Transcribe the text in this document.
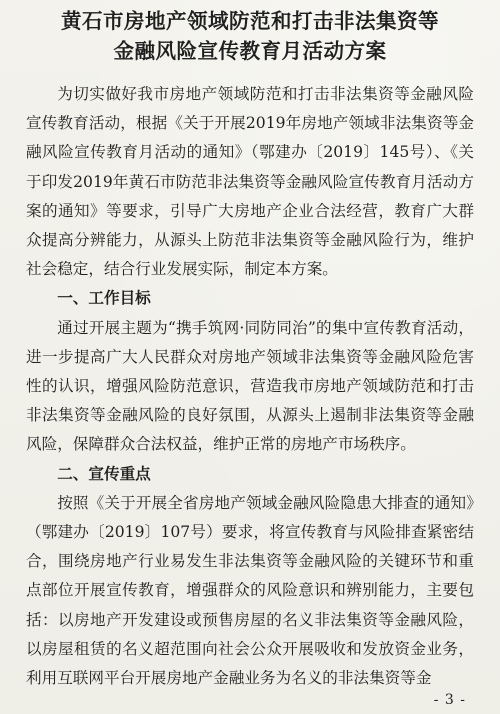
黄石市房地产领域防范和打击非法集资等
金融风险宣传教育月活动方案

为切实做好我市房地产领域防范和打击非法集资等金融风险宣传教育活动，根据《关于开展2019年房地产领域非法集资等金融风险宣传教育月活动的通知》（鄂建办〔2019〕145号）、《关于印发2019年黄石市防范非法集资等金融风险宣传教育月活动方案的通知》等要求，引导广大房地产企业合法经营，教育广大群众提高分辨能力，从源头上防范非法集资等金融风险行为，维护社会稳定，结合行业发展实际，制定本方案。

一、工作目标

通过开展主题为“携手筑网·同防同治”的集中宣传教育活动，进一步提高广大人民群众对房地产领域非法集资等金融风险危害性的认识，增强风险防范意识，营造我市房地产领域防范和打击非法集资等金融风险的良好氛围，从源头上遏制非法集资等金融风险，保障群众合法权益，维护正常的房地产市场秩序。

二、宣传重点

按照《关于开展全省房地产领域金融风险隐患大排查的通知》（鄂建办〔2019〕107号）要求，将宣传教育与风险排查紧密结合，围绕房地产行业易发生非法集资等金融风险的关键环节和重点部位开展宣传教育，增强群众的风险意识和辨别能力，主要包括：以房地产开发建设或预售房屋的名义非法集资等金融风险，以房屋租赁的名义超范围向社会公众开展吸收和发放资金业务，利用互联网平台开展房地产金融业务为名义的非法集资等金

- 3 -
